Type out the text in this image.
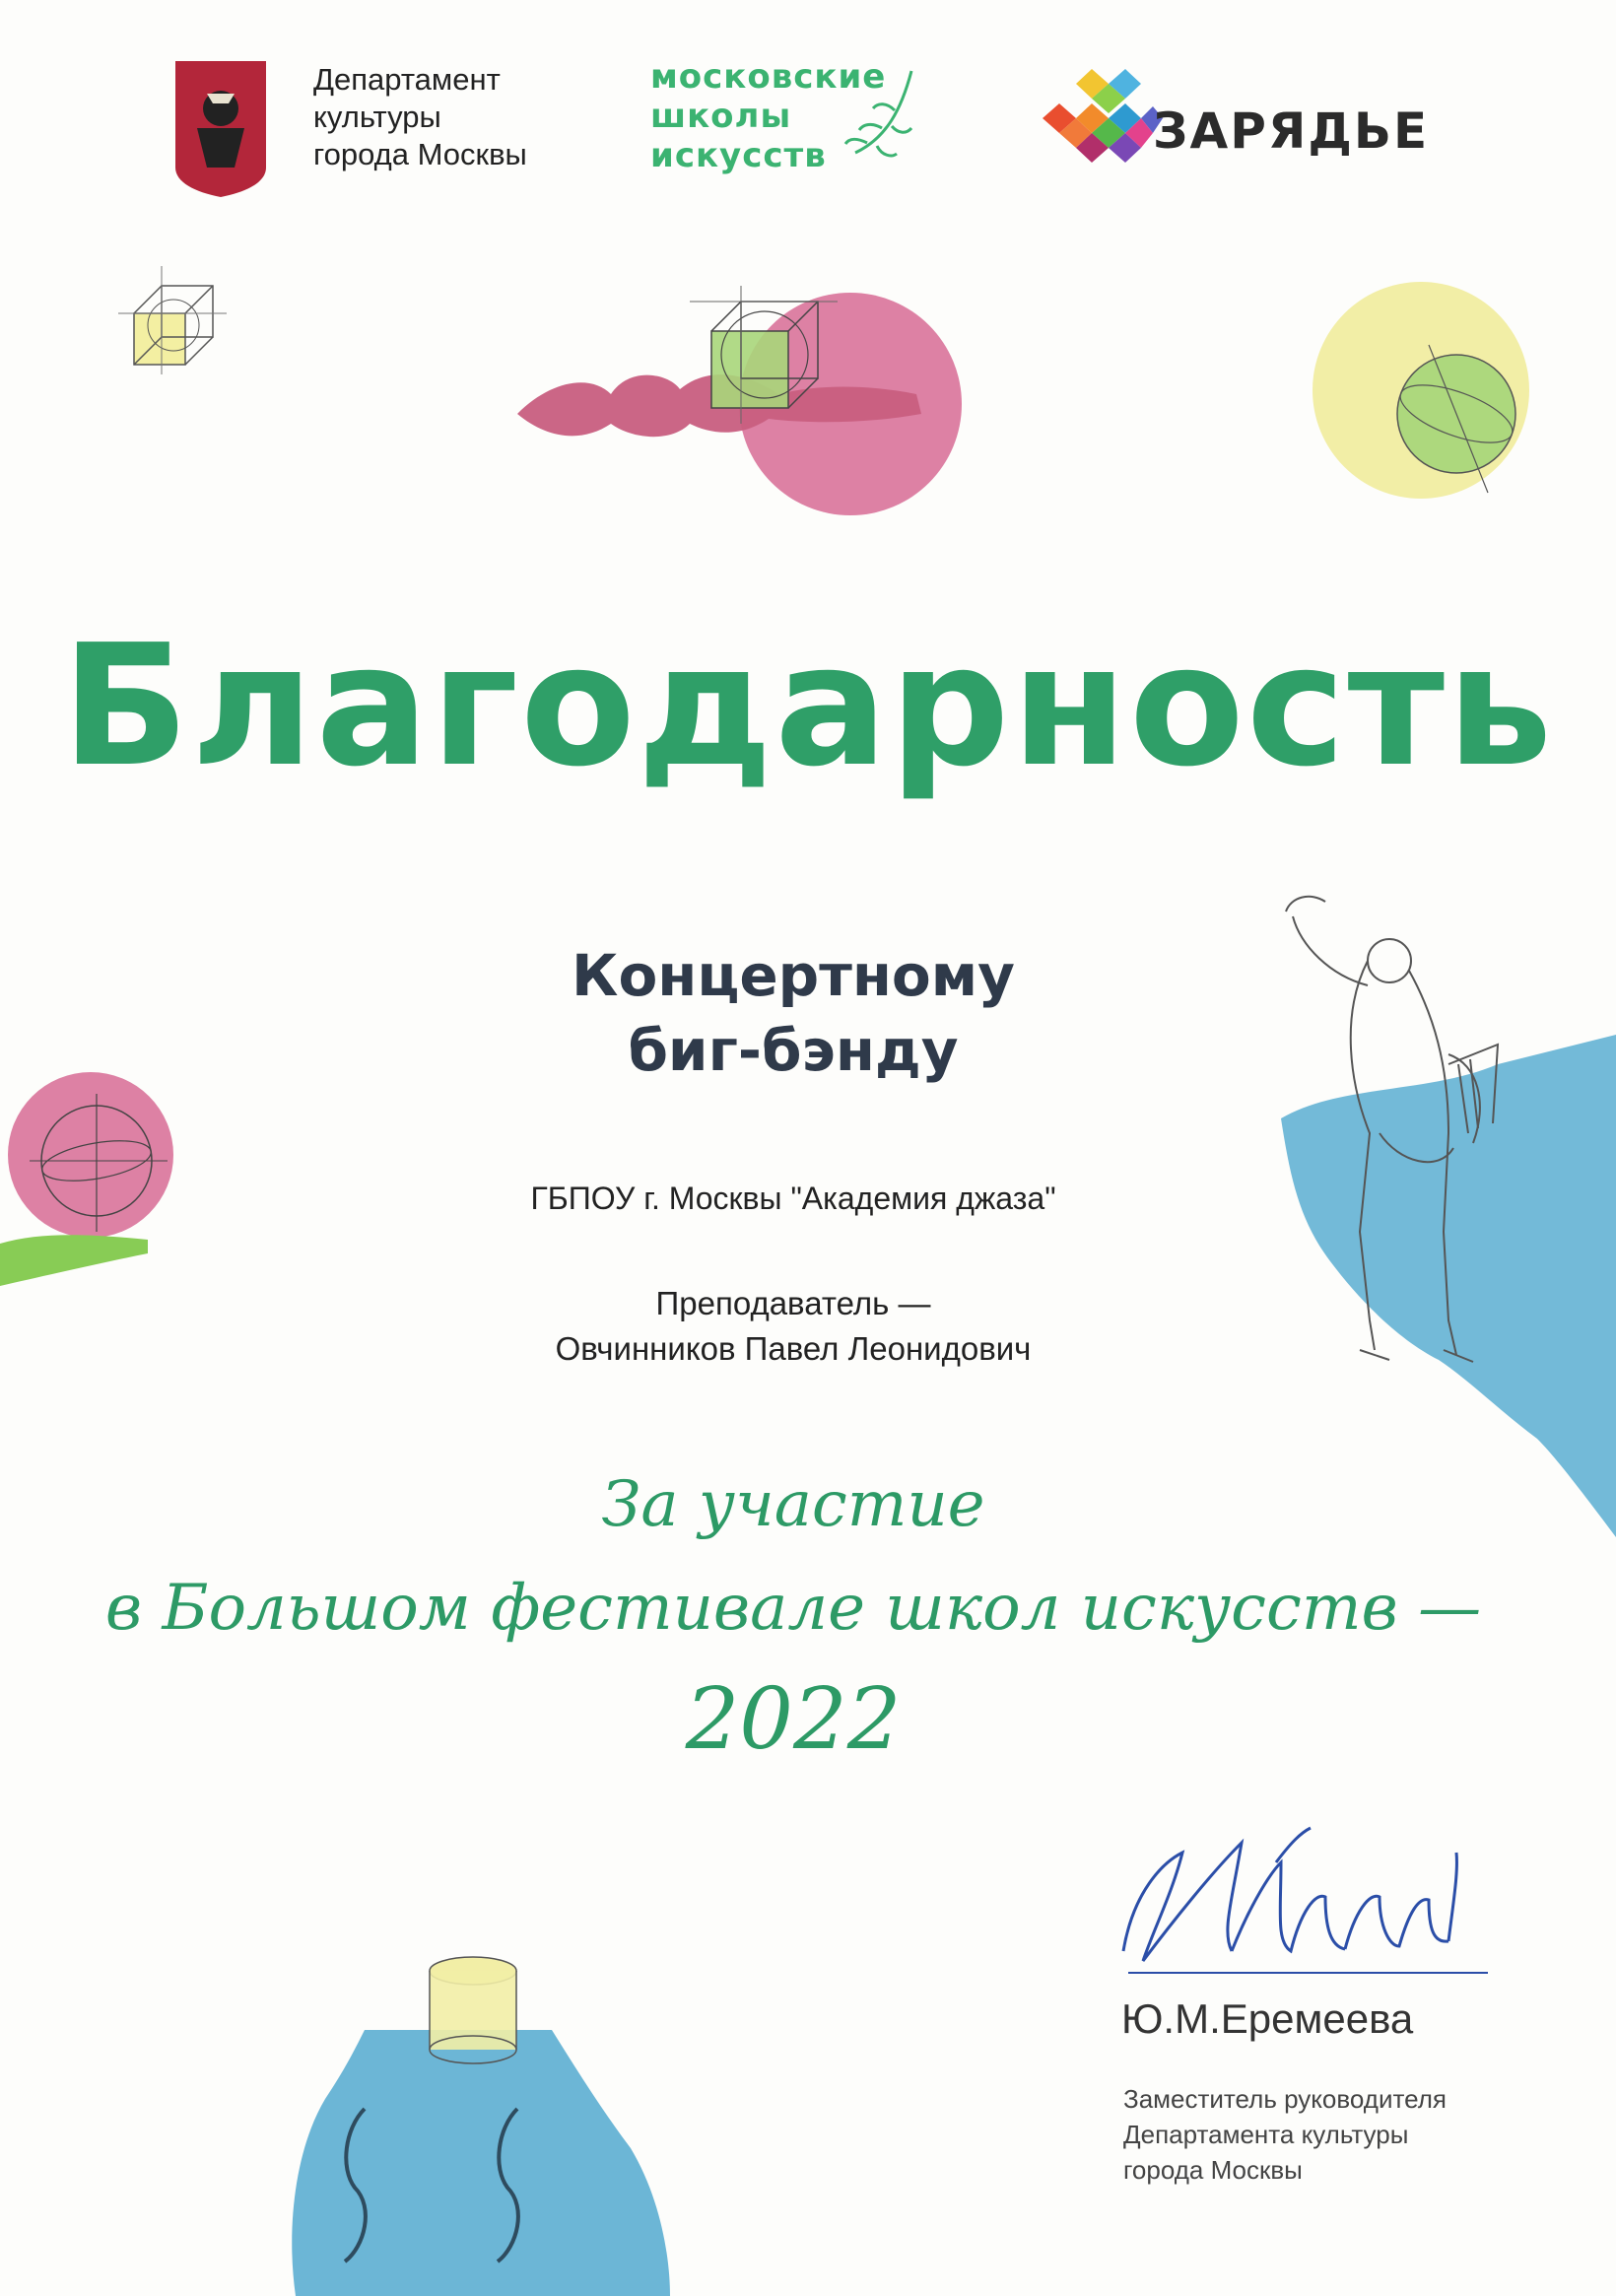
Департамент
культуры
города Москвы
московские
школы
искусств	ЗАРЯДЬЕ
Благодарность
Концертному
биг-бэнду
ГБПОУ г. Москвы "Академия джаза"
Преподаватель —
Овчинников Павел Леонидович
За участие
в Большом фестивале школ искусств —
2022
Ю.М.Еремеева
Заместитель руководителя
Департамента культуры
города Москвы
